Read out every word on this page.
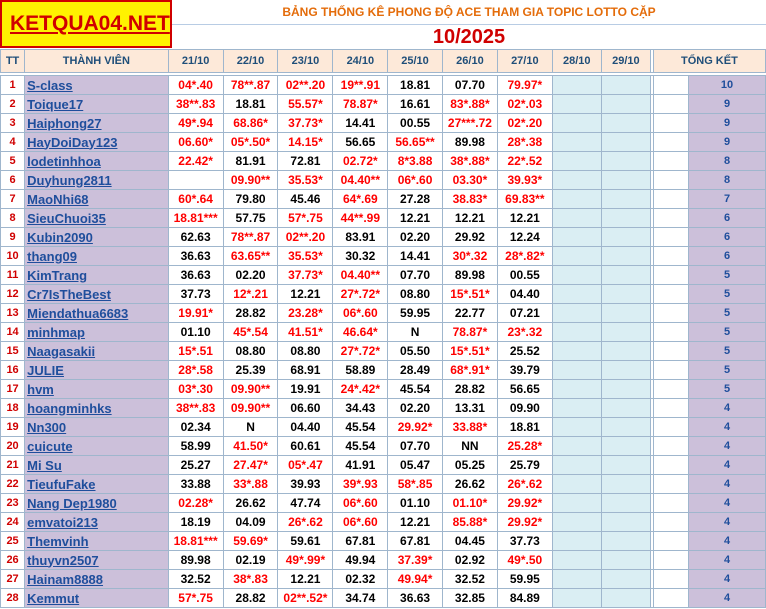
KETQUA04.NET	BẢNG THỐNG KÊ PHONG ĐỘ ACE THAM GIA TOPIC LOTTO CẶP
10/2025
TT	THÀNH VIÊN	21/10	22/10	23/10	24/10	25/10	26/10	27/10	28/10	29/10		TỔNG KẾT	

1	S-class	04*.40	78**.87	02**.20	19**.91	18.81	07.70	79.97*					10
2	Toique17	38**.83	18.81	55.57*	78.87*	16.61	83*.88*	02*.03					9
3	Haiphong27	49*.94	68.86*	37.73*	14.41	00.55	27***.72	02*.20					9
4	HayDoiDay123	06.60*	05*.50*	14.15*	56.65	56.65**	89.98	28*.38					9
5	lodetinhhoa	22.42*	81.91	72.81	02.72*	8*3.88	38*.88*	22*.52					8
6	Duyhung2811		09.90**	35.53*	04.40**	06*.60	03.30*	39.93*					8
7	MaoNhi68	60*.64	79.80	45.46	64*.69	27.28	38.83*	69.83**					7
8	SieuChuoi35	18.81***	57.75	57*.75	44**.99	12.21	12.21	12.21					6
9	Kubin2090	62.63	78**.87	02**.20	83.91	02.20	29.92	12.24					6
10	thang09	36.63	63.65**	35.53*	30.32	14.41	30*.32	28*.82*					6
11	KimTrang	36.63	02.20	37.73*	04.40**	07.70	89.98	00.55					5
12	Cr7IsTheBest	37.73	12*.21	12.21	27*.72*	08.80	15*.51*	04.40					5
13	Miendathua6683	19.91*	28.82	23.28*	06*.60	59.95	22.77	07.21					5
14	minhmap	01.10	45*.54	41.51*	46.64*	N	78.87*	23*.32					5
15	Naagasakii	15*.51	08.80	08.80	27*.72*	05.50	15*.51*	25.52					5
16	JULIE	28*.58	25.39	68.91	58.89	28.49	68*.91*	39.79					5
17	hvm	03*.30	09.90**	19.91	24*.42*	45.54	28.82	56.65					5
18	hoangminhks	38**.83	09.90**	06.60	34.43	02.20	13.31	09.90					4
19	Nn300	02.34	N	04.40	45.54	29.92*	33.88*	18.81					4
20	cuicute	58.99	41.50*	60.61	45.54	07.70	NN	25.28*					4
21	Mi Su	25.27	27.47*	05*.47	41.91	05.47	05.25	25.79					4
22	TieufuFake	33.88	33*.88	39.93	39*.93	58*.85	26.62	26*.62					4
23	Nang Dep1980	02.28*	26.62	47.74	06*.60	01.10	01.10*	29.92*					4
24	emvatoi213	18.19	04.09	26*.62	06*.60	12.21	85.88*	29.92*					4
25	Themvinh	18.81***	59.69*	59.61	67.81	67.81	04.45	37.73					4
26	thuyvn2507	89.98	02.19	49*.99*	49.94	37.39*	02.92	49*.50					4
27	Hainam8888	32.52	38*.83	12.21	02.32	49.94*	32.52	59.95					4
28	Kemmut	57*.75	28.82	02**.52*	34.74	36.63	32.85	84.89					4
